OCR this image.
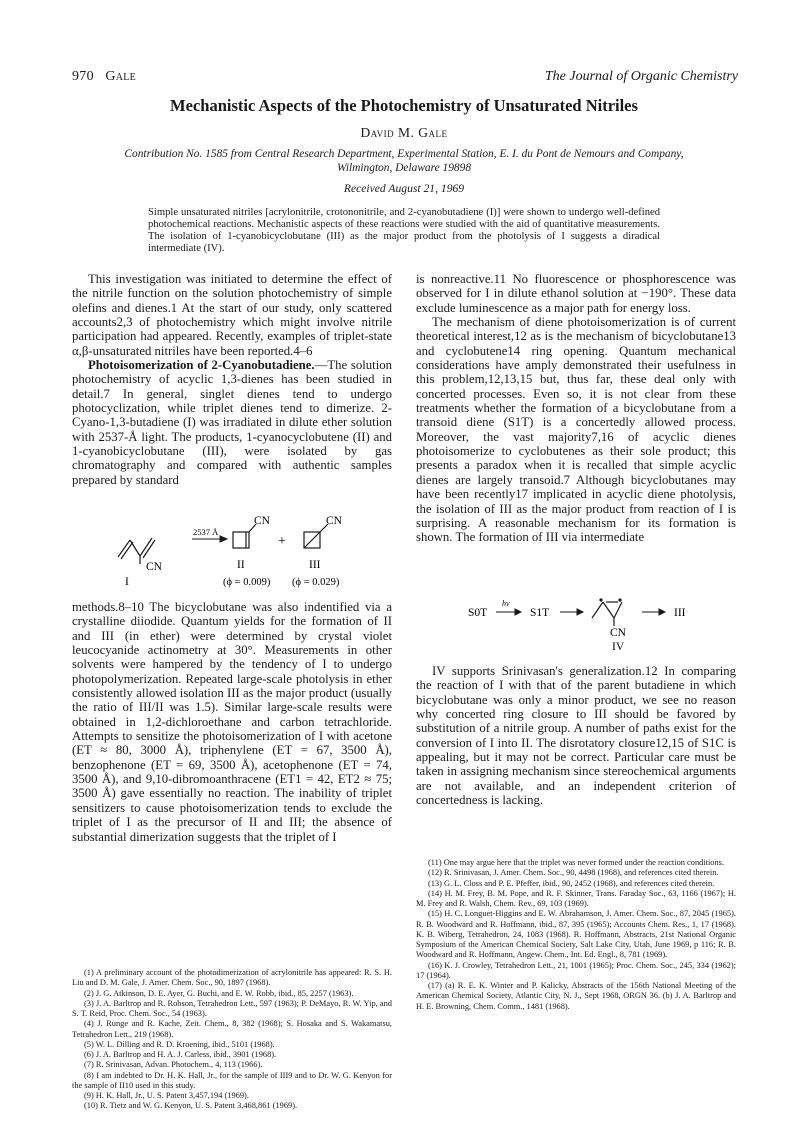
970 Gale	The Journal of Organic Chemistry
Mechanistic Aspects of the Photochemistry of Unsaturated Nitriles
David M. Gale
Contribution No. 1585 from Central Research Department, Experimental Station, E. I. du Pont de Nemours and Company, Wilmington, Delaware 19898
Received August 21, 1969
Simple unsaturated nitriles [acrylonitrile, crotononitrile, and 2-cyanobutadiene (I)] were shown to undergo well-defined photochemical reactions. Mechanistic aspects of these reactions were studied with the aid of quantitative measurements. The isolation of 1-cyanobicyclobutane (III) as the major product from the photolysis of I suggests a diradical intermediate (IV).

This investigation was initiated to determine the effect of the nitrile function on the solution photochemistry of simple olefins and dienes.1 At the start of our study, only scattered accounts2,3 of photochemistry which might involve nitrile participation had appeared. Recently, examples of triplet-state α,β-unsaturated nitriles have been reported.4–6

Photoisomerization of 2-Cyanobutadiene.—The solution photochemistry of acyclic 1,3-dienes has been studied in detail.7 In general, singlet dienes tend to undergo photocyclization, while triplet dienes tend to dimerize. 2-Cyano-1,3-butadiene (I) was irradiated in dilute ether solution with 2537-Å light. The products, 1-cyanocyclobutene (II) and 1-cyanobicyclobutane (III), were isolated by gas chromatography and compared with authentic samples prepared by standard

CN
I
2537 Å
CN
II
(ϕ = 0.009)
+
CN
III
(ϕ = 0.029)

methods.8–10 The bicyclobutane was also indentified via a crystalline diiodide. Quantum yields for the formation of II and III (in ether) were determined by crystal violet leucocyanide actinometry at 30°. Measurements in other solvents were hampered by the tendency of I to undergo photopolymerization. Repeated large-scale photolysis in ether consistently allowed isolation III as the major product (usually the ratio of III/II was 1.5). Similar large-scale results were obtained in 1,2-dichloroethane and carbon tetrachloride. Attempts to sensitize the photoisomerization of I with acetone (ET ≈ 80, 3000 Å), triphenylene (ET = 67, 3500 Å), benzophenone (ET = 69, 3500 Å), acetophenone (ET = 74, 3500 Å), and 9,10-dibromoanthracene (ET1 = 42, ET2 ≈ 75; 3500 Å) gave essentially no reaction. The inability of triplet sensitizers to cause photoisomerization tends to exclude the triplet of I as the precursor of II and III; the absence of substantial dimerization suggests that the triplet of I

(1) A preliminary account of the photodimerization of acrylonitrile has appeared: R. S. H. Liu and D. M. Gale, J. Amer. Chem. Soc., 90, 1897 (1968).

(2) J. G. Atkinson, D. E. Ayer, G. Buchi, and E. W. Robb, ibid., 85, 2257 (1963).

(3) J. A. Barltrop and R. Robson, Tetrahedron Lett., 597 (1963); P. DeMayo, R. W. Yip, and S. T. Reid, Proc. Chem. Soc., 54 (1963).

(4) J. Runge and R. Kache, Zeit. Chem., 8, 382 (1968); S. Hosaka and S. Wakamatsu, Tetrahedron Lett., 219 (1968).

(5) W. L. Dilling and R. D. Kroening, ibid., 5101 (1968).

(6) J. A. Barltrop and H. A. J. Carless, ibid., 3901 (1968).

(7) R. Srinivasan, Advan. Photochem., 4, 113 (1966).

(8) I am indebted to Dr. H. K. Hall, Jr., for the sample of III9 and to Dr. W. G. Kenyon for the sample of II10 used in this study.

(9) H. K. Hall, Jr., U. S. Patent 3,457,194 (1969).

(10) R. Tietz and W. G. Kenyon, U. S. Patent 3,468,861 (1969).

is nonreactive.11 No fluorescence or phosphorescence was observed for I in dilute ethanol solution at −190°. These data exclude luminescence as a major path for energy loss.

The mechanism of diene photoisomerization is of current theoretical interest,12 as is the mechanism of bicyclobutane13 and cyclobutene14 ring opening. Quantum mechanical considerations have amply demonstrated their usefulness in this problem,12,13,15 but, thus far, these deal only with concerted processes. Even so, it is not clear from these treatments whether the formation of a bicyclobutane from a transoid diene (S1T) is a concertedly allowed process. Moreover, the vast majority7,16 of acyclic dienes photoisomerize to cyclobutenes as their sole product; this presents a paradox when it is recalled that simple acyclic dienes are largely transoid.7 Although bicyclobutanes may have been recently17 implicated in acyclic diene photolysis, the isolation of III as the major product from reaction of I is surprising. A reasonable mechanism for its formation is shown. The formation of III via intermediate

S0T
hν
S1T
CN
IV
III

IV supports Srinivasan's generalization.12 In comparing the reaction of I with that of the parent butadiene in which bicyclobutane was only a minor product, we see no reason why concerted ring closure to III should be favored by substitution of a nitrile group. A number of paths exist for the conversion of I into II. The disrotatory closure12,15 of S1C is appealing, but it may not be correct. Particular care must be taken in assigning mechanism since stereochemical arguments are not available, and an independent criterion of concertedness is lacking.

(11) One may argue here that the triplet was never formed under the reaction conditions.

(12) R. Srinivasan, J. Amer. Chem. Soc., 90, 4498 (1968), and references cited therein.

(13) G. L. Closs and P. E. Pfeffer, ibid., 90, 2452 (1968), and references cited therein.

(14) H. M. Frey, B. M. Pope, and R. F. Skinner, Trans. Faraday Soc., 63, 1166 (1967); H. M. Frey and R. Walsh, Chem. Rev., 69, 103 (1969).

(15) H. C. Longuet-Higgins and E. W. Abrahamson, J. Amer. Chem. Soc., 87, 2045 (1965). R. B. Woodward and R. Hoffmann, ibid., 87, 395 (1965); Accounts Chem. Res., 1, 17 (1968). K. B. Wiberg, Tetrahedron, 24, 1083 (1968). R. Hoffmann, Abstracts, 21st National Organic Symposium of the American Chemical Society, Salt Lake City, Utah, June 1969, p 116; R. B. Woodward and R. Hoffmann, Angew. Chem., Int. Ed. Engl., 8, 781 (1969).

(16) K. J. Crowley, Tetrahedron Lett., 21, 1001 (1965); Proc. Chem. Soc., 245, 334 (1962); 17 (1964).

(17) (a) R. E. K. Winter and P. Kalicky, Abstracts of the 156th National Meeting of the American Chemical Society, Atlantic City, N. J., Sept 1968, ORGN 36. (b) J. A. Barltrop and H. E. Browning, Chem. Comm., 1481 (1968).
